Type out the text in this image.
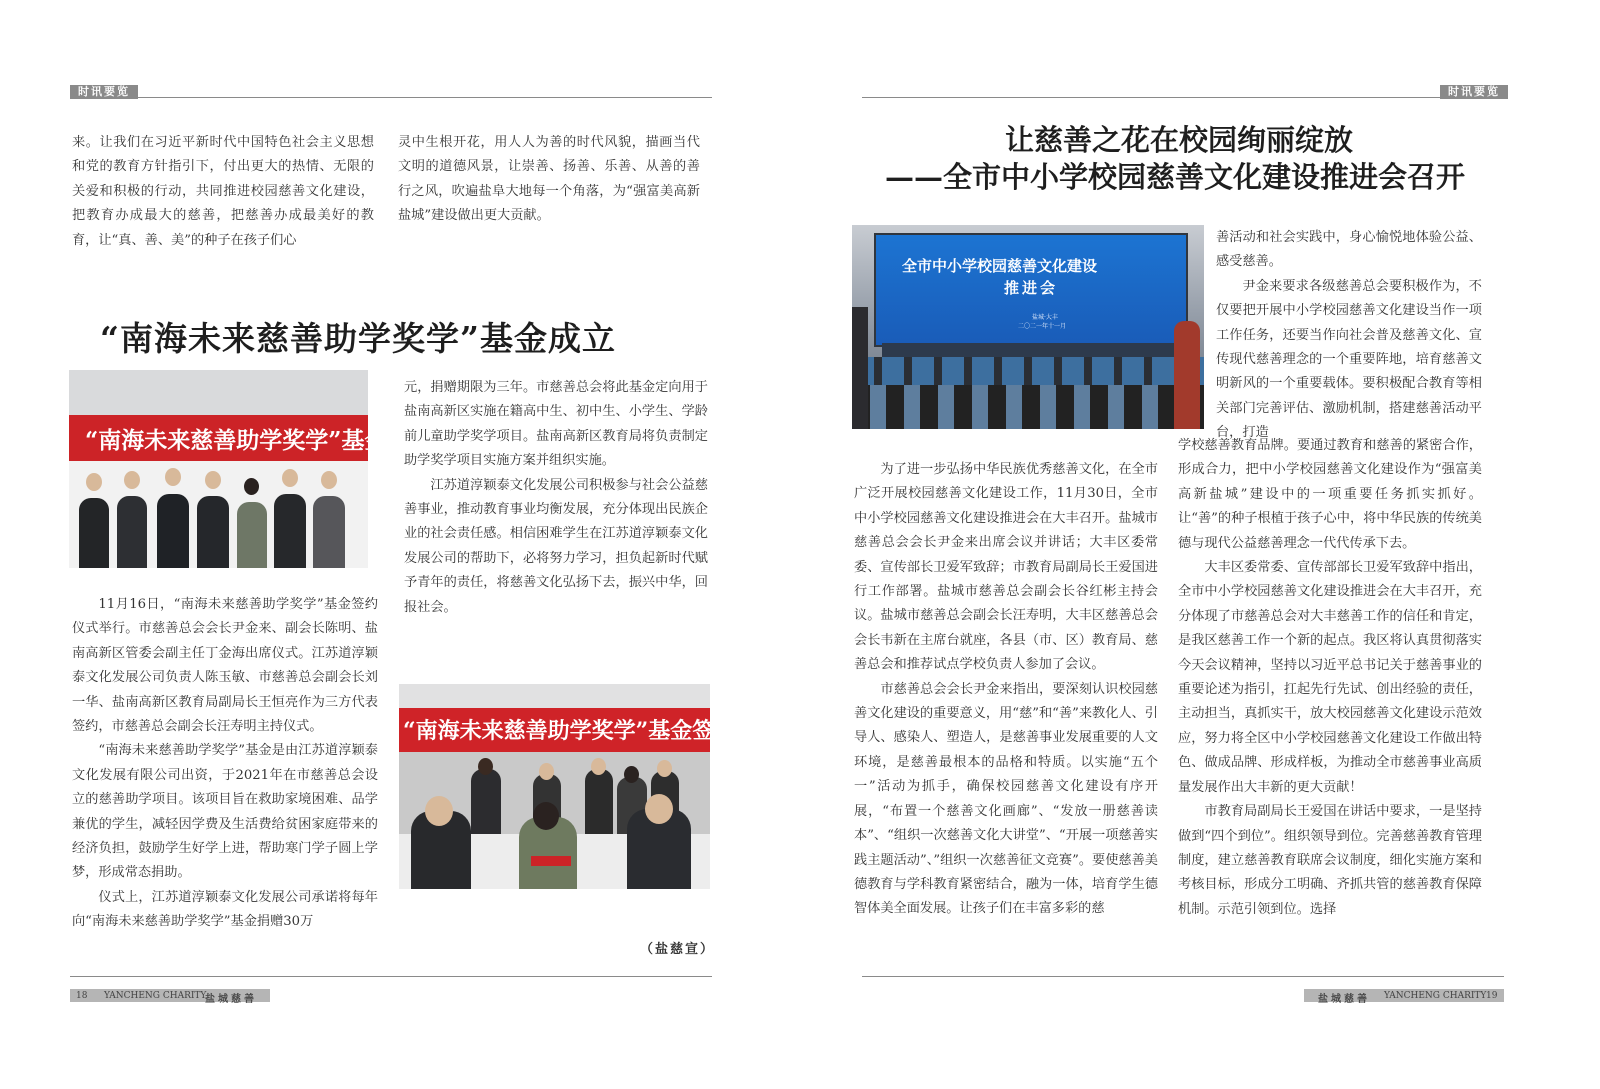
时讯要览
来。让我们在习近平新时代中国特色社会主义思想和党的教育方针指引下，付出更大的热情、无限的关爱和积极的行动，共同推进校园慈善文化建设，把教育办成最大的慈善，把慈善办成最美好的教育，让“真、善、美”的种子在孩子们心
灵中生根开花，用人人为善的时代风貌，描画当代文明的道德风景，让崇善、扬善、乐善、从善的善行之风，吹遍盐阜大地每一个角落，为“强富美高新盐城”建设做出更大贡献。
“南海未来慈善助学奖学”基金成立
“南海未来慈善助学奖学”基金签约

11月16日，“南海未来慈善助学奖学”基金签约仪式举行。市慈善总会会长尹金来、副会长陈明、盐南高新区管委会副主任丁金海出席仪式。江苏道淳颖泰文化发展公司负责人陈玉敏、市慈善总会副会长刘一华、盐南高新区教育局副局长王恒亮作为三方代表签约，市慈善总会副会长汪寿明主持仪式。

“南海未来慈善助学奖学”基金是由江苏道淳颖泰文化发展有限公司出资，于2021年在市慈善总会设立的慈善助学项目。该项目旨在救助家境困难、品学兼优的学生，减轻因学费及生活费给贫困家庭带来的经济负担，鼓励学生好学上进，帮助寒门学子圆上学梦，形成常态捐助。

仪式上，江苏道淳颖泰文化发展公司承诺将每年向“南海未来慈善助学奖学”基金捐赠30万

元，捐赠期限为三年。市慈善总会将此基金定向用于盐南高新区实施在籍高中生、初中生、小学生、学龄前儿童助学奖学项目。盐南高新区教育局将负责制定助学奖学项目实施方案并组织实施。

江苏道淳颖泰文化发展公司积极参与社会公益慈善事业，推动教育事业均衡发展，充分体现出民族企业的社会责任感。相信困难学生在江苏道淳颖泰文化发展公司的帮助下，必将努力学习，担负起新时代赋予青年的责任，将慈善文化弘扬下去，振兴中华，回报社会。

“南海未来慈善助学奖学”基金签约仪
（盐慈宣）
18 YANCHENG CHARITY
盐城慈善
时讯要览
让慈善之花在校园绚丽绽放
——全市中小学校园慈善文化建设推进会召开
全市中小学校园慈善文化建设
推进会
盐城·大丰
二〇二一年十一月

善活动和社会实践中，身心愉悦地体验公益、感受慈善。

尹金来要求各级慈善总会要积极作为，不仅要把开展中小学校园慈善文化建设当作一项工作任务，还要当作向社会普及慈善文化、宣传现代慈善理念的一个重要阵地，培育慈善文明新风的一个重要载体。要积极配合教育等相关部门完善评估、激励机制，搭建慈善活动平台，打造

学校慈善教育品牌。要通过教育和慈善的紧密合作，形成合力，把中小学校园慈善文化建设作为“强富美高新盐城”建设中的一项重要任务抓实抓好。让“善”的种子根植于孩子心中，将中华民族的传统美德与现代公益慈善理念一代代传承下去。

大丰区委常委、宣传部部长卫爱军致辞中指出，全市中小学校园慈善文化建设推进会在大丰召开，充分体现了市慈善总会对大丰慈善工作的信任和肯定，是我区慈善工作一个新的起点。我区将认真贯彻落实今天会议精神，坚持以习近平总书记关于慈善事业的重要论述为指引，扛起先行先试、创出经验的责任，主动担当，真抓实干，放大校园慈善文化建设示范效应，努力将全区中小学校园慈善文化建设工作做出特色、做成品牌、形成样板，为推动全市慈善事业高质量发展作出大丰新的更大贡献！

市教育局副局长王爱国在讲话中要求，一是坚持做到“四个到位”。组织领导到位。完善慈善教育管理制度，建立慈善教育联席会议制度，细化实施方案和考核目标，形成分工明确、齐抓共管的慈善教育保障机制。示范引领到位。选择

为了进一步弘扬中华民族优秀慈善文化，在全市广泛开展校园慈善文化建设工作，11月30日，全市中小学校园慈善文化建设推进会在大丰召开。盐城市慈善总会会长尹金来出席会议并讲话；大丰区委常委、宣传部长卫爱军致辞；市教育局副局长王爱国进行工作部署。盐城市慈善总会副会长谷红彬主持会议。盐城市慈善总会副会长汪寿明，大丰区慈善总会会长韦新在主席台就座，各县（市、区）教育局、慈善总会和推荐试点学校负责人参加了会议。

市慈善总会会长尹金来指出，要深刻认识校园慈善文化建设的重要意义，用“慈”和“善”来教化人、引导人、感染人、塑造人，是慈善事业发展重要的人文环境，是慈善最根本的品格和特质。以实施“五个一”活动为抓手，确保校园慈善文化建设有序开展，“布置一个慈善文化画廊”、“发放一册慈善读本”、“组织一次慈善文化大讲堂”、“开展一项慈善实践主题活动”、”组织一次慈善征文竞赛”。要使慈善美德教育与学科教育紧密结合，融为一体，培育学生德智体美全面发展。让孩子们在丰富多彩的慈

盐城慈善 YANCHENG CHARITY 19
